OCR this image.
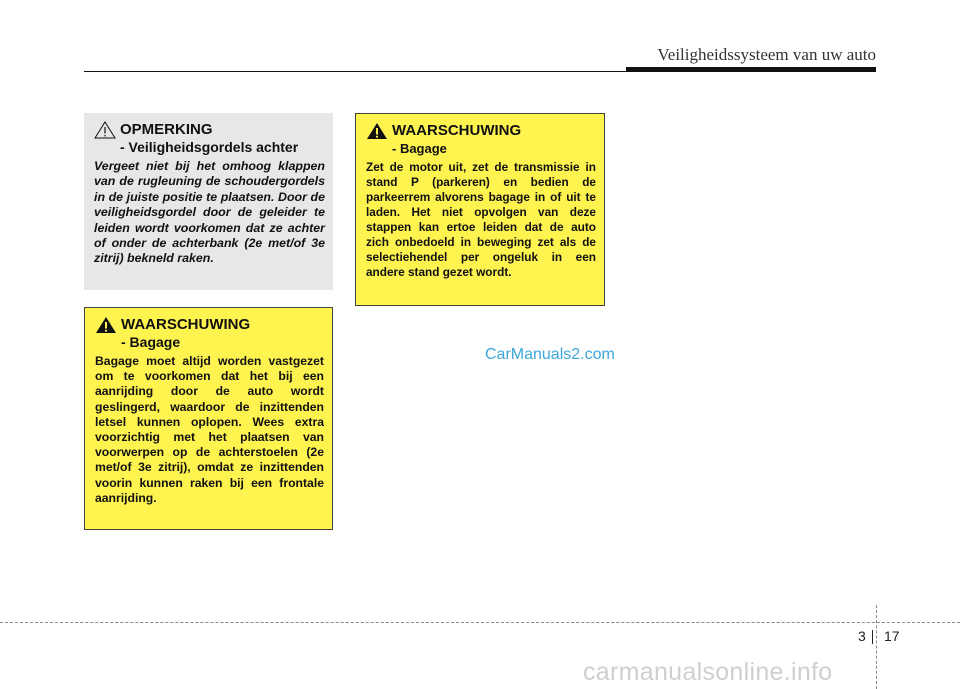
Veiligheidssysteem van uw auto
OPMERKING
- Veiligheidsgordels achter
Vergeet niet bij het omhoog klappen van de rugleuning de schoudergordels in de juiste positie te plaatsen. Door de veiligheidsgordel door de geleider te leiden wordt voorkomen dat ze achter of onder de achterbank (2e met/of 3e zitrij) bekneld raken.
WAARSCHUWING
- Bagage
Bagage moet altijd worden vastgezet om te voorkomen dat het bij een aanrijding door de auto wordt geslingerd, waardoor de inzittenden letsel kunnen oplopen. Wees extra voorzichtig met het plaatsen van voorwerpen op de achterstoelen (2e met/of 3e zitrij), omdat ze inzittenden voorin kunnen raken bij een frontale aanrijding.
WAARSCHUWING
- Bagage
Zet de motor uit, zet de transmissie in stand P (parkeren) en bedien de parkeerrem alvorens bagage in of uit te laden. Het niet opvolgen van deze stappen kan ertoe leiden dat de auto zich onbedoeld in beweging zet als de selectiehendel per ongeluk in een andere stand gezet wordt.
CarManuals2.com
3 17
carmanualsonline.info
